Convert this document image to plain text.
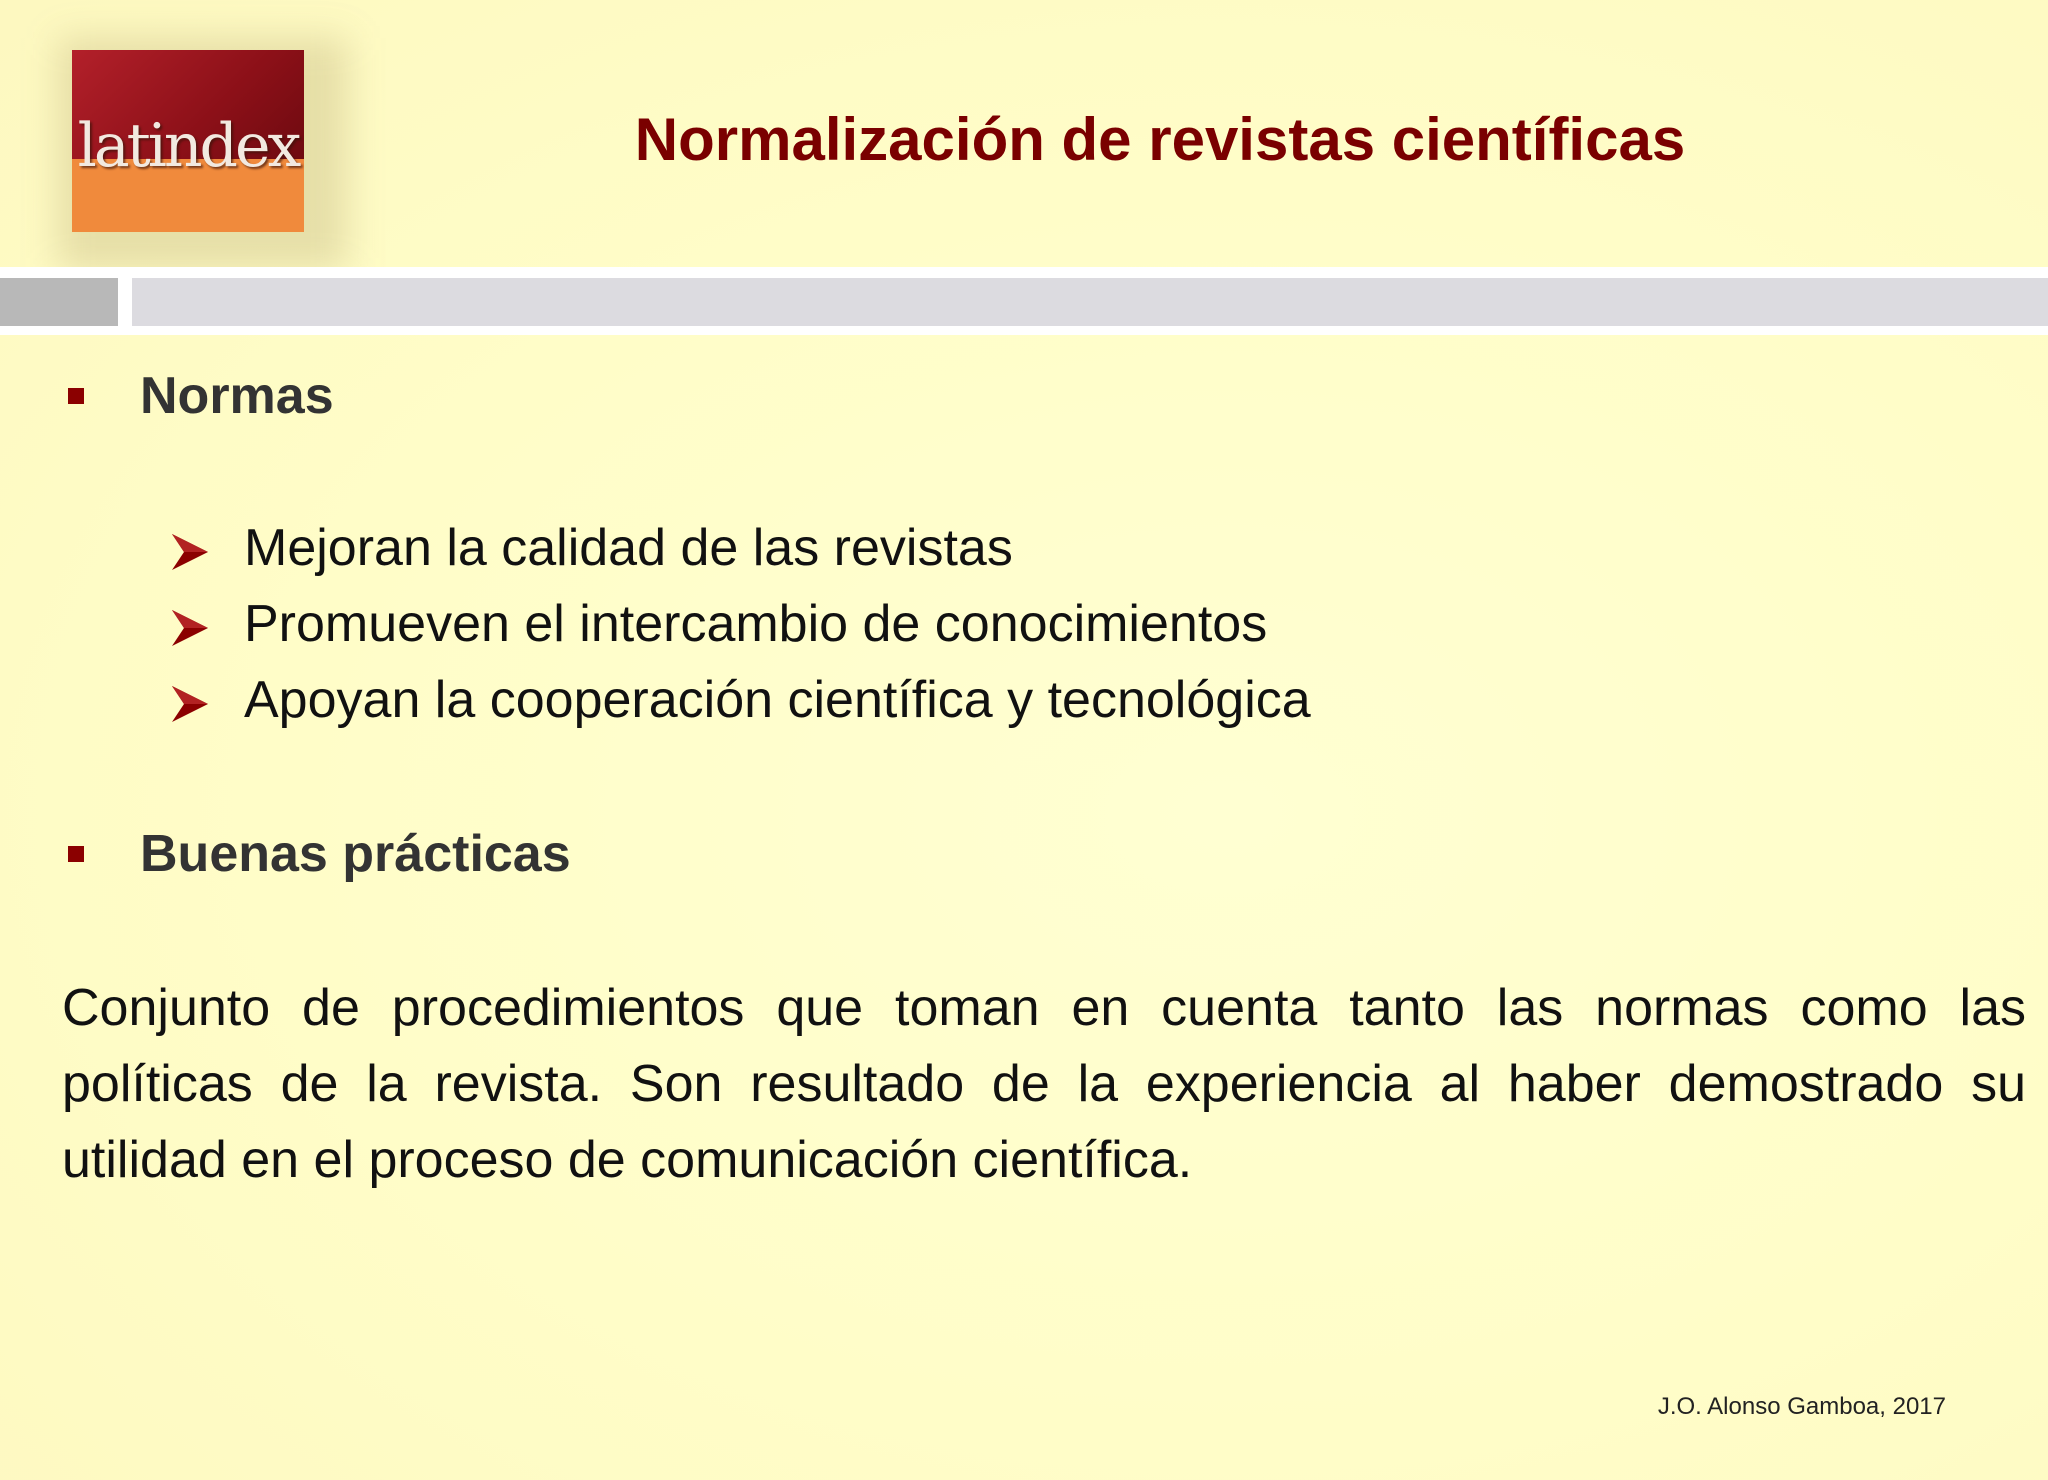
latindex	Normalización de revistas científicas
Normas
Mejoran la calidad de las revistas
Promueven el intercambio de conocimientos
Apoyan la cooperación científica y tecnológica
Buenas prácticas

Conjunto de procedimientos que toman en cuenta tanto las normas como las políticas de la revista. Son resultado de la experiencia al haber demostrado su utilidad en el proceso de comunicación científica.

J.O. Alonso Gamboa, 2017
